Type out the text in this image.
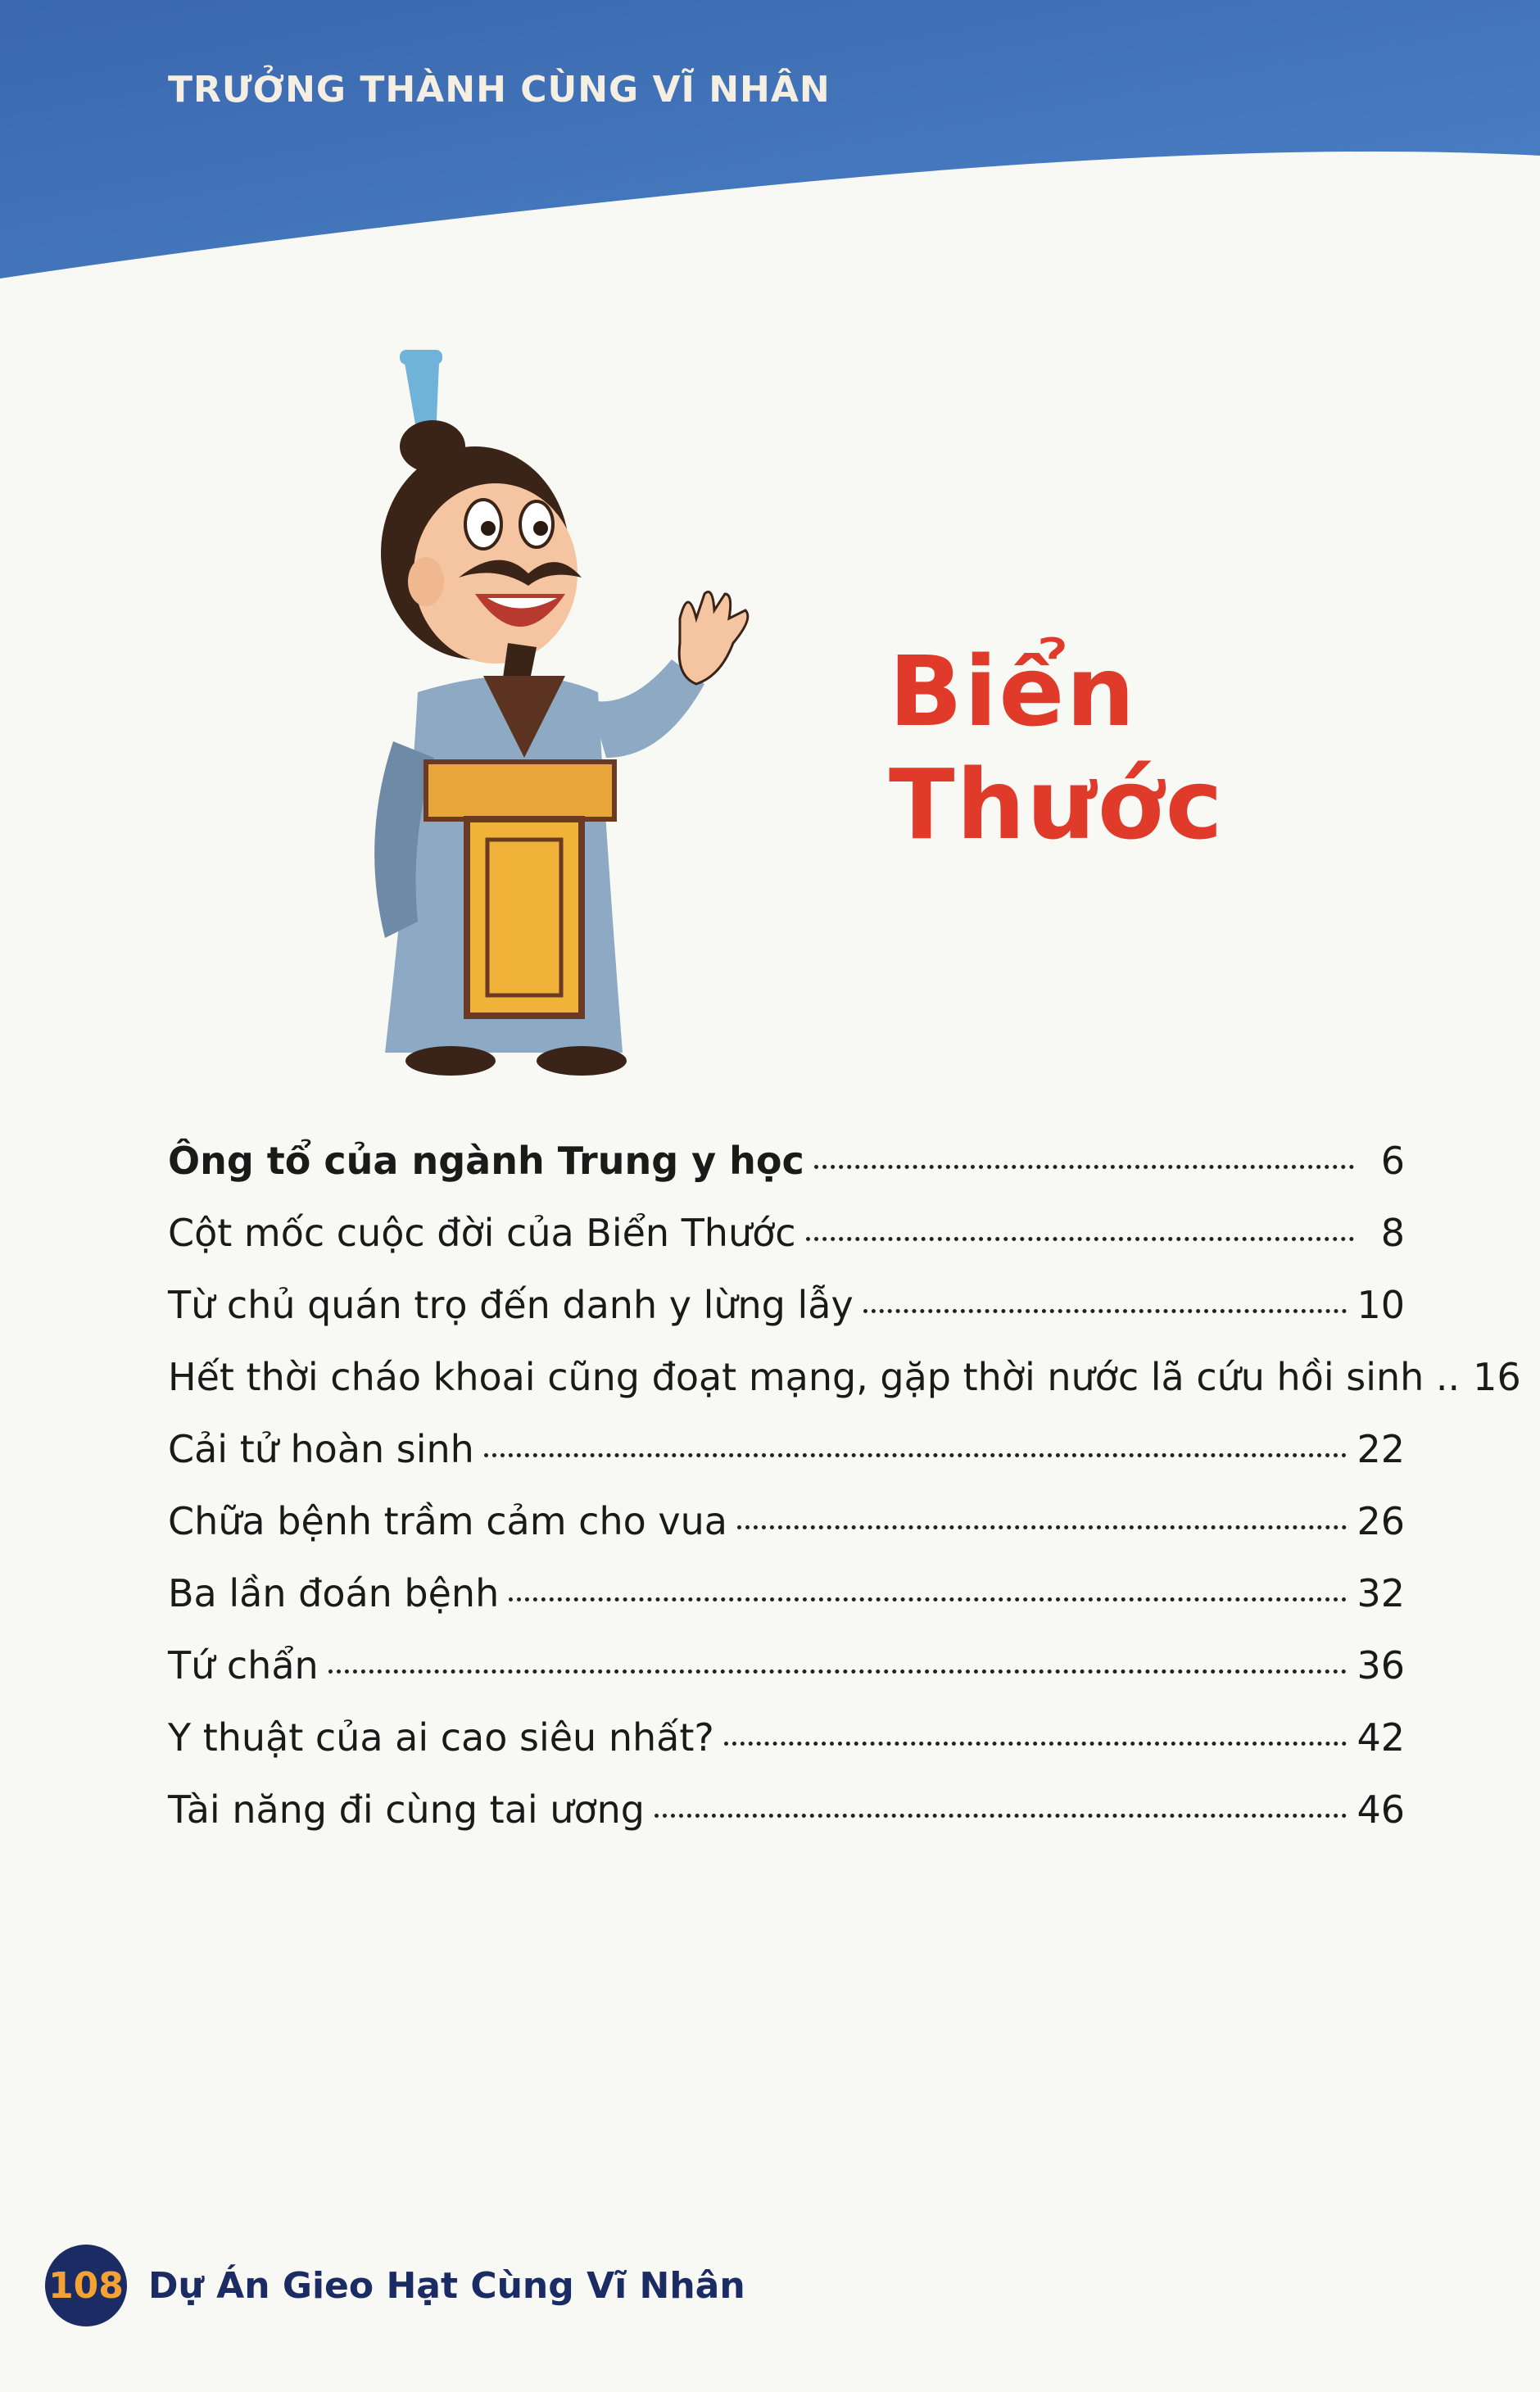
TRƯỞNG THÀNH CÙNG VĨ NHÂN
Biển Thước
Ông tổ của ngành Trung y học	6
Cột mốc cuộc đời của Biển Thước	8
Từ chủ quán trọ đến danh y lừng lẫy	10
Hết thời cháo khoai cũng đoạt mạng, gặp thời nước lã cứu hồi sinh .. 16
Cải tử hoàn sinh	22
Chữa bệnh trầm cảm cho vua	26
Ba lần đoán bệnh	32
Tứ chẩn	36
Y thuật của ai cao siêu nhất?	42
Tài năng đi cùng tai ương	46
108 Dự Án Gieo Hạt Cùng Vĩ Nhân
